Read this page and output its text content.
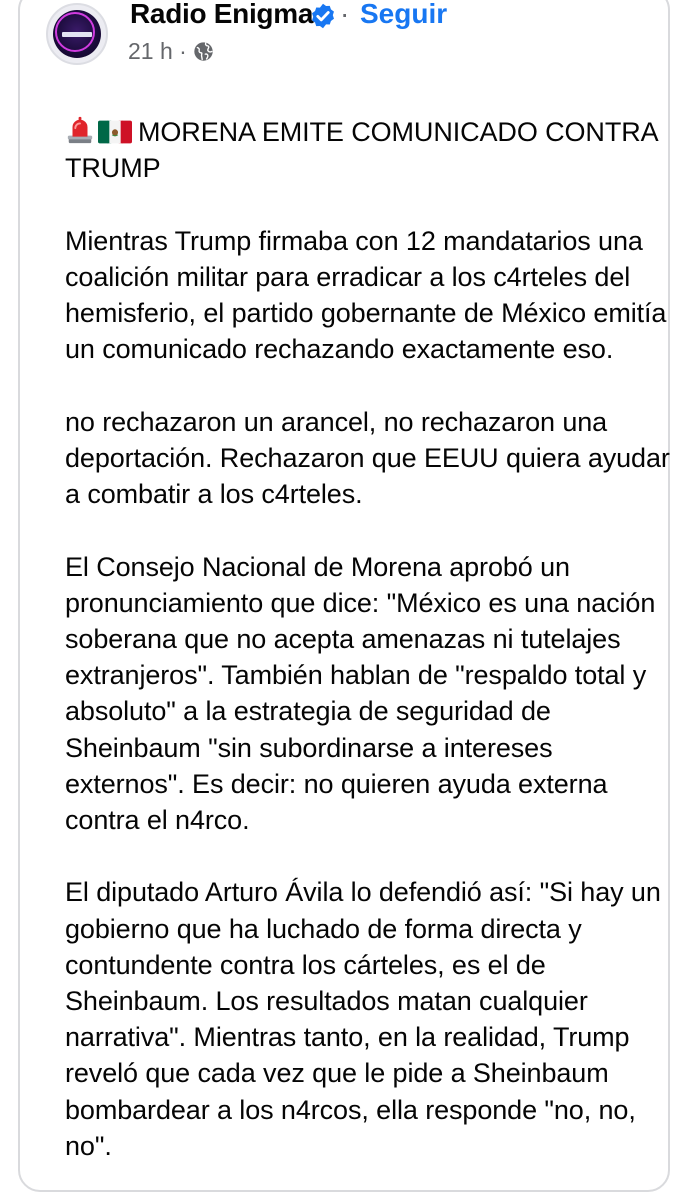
Radio Enigma · Seguir
21 h ·

MORENA EMITE COMUNICADO CONTRA TRUMP

Mientras Trump firmaba con 12 mandatarios una coalición militar para erradicar a los c4rteles del hemisferio, el partido gobernante de México emitía un comunicado rechazando exactamente eso.

no rechazaron un arancel, no rechazaron una deportación. Rechazaron que EEUU quiera ayudar a combatir a los c4rteles.

El Consejo Nacional de Morena aprobó un pronunciamiento que dice: "México es una nación soberana que no acepta amenazas ni tutelajes extranjeros". También hablan de "respaldo total y absoluto" a la estrategia de seguridad de Sheinbaum "sin subordinarse a intereses externos". Es decir: no quieren ayuda externa contra el n4rco.

El diputado Arturo Ávila lo defendió así: "Si hay un gobierno que ha luchado de forma directa y contundente contra los cárteles, es el de Sheinbaum. Los resultados matan cualquier narrativa". Mientras tanto, en la realidad, Trump reveló que cada vez que le pide a Sheinbaum bombardear a los n4rcos, ella responde "no, no, no".
